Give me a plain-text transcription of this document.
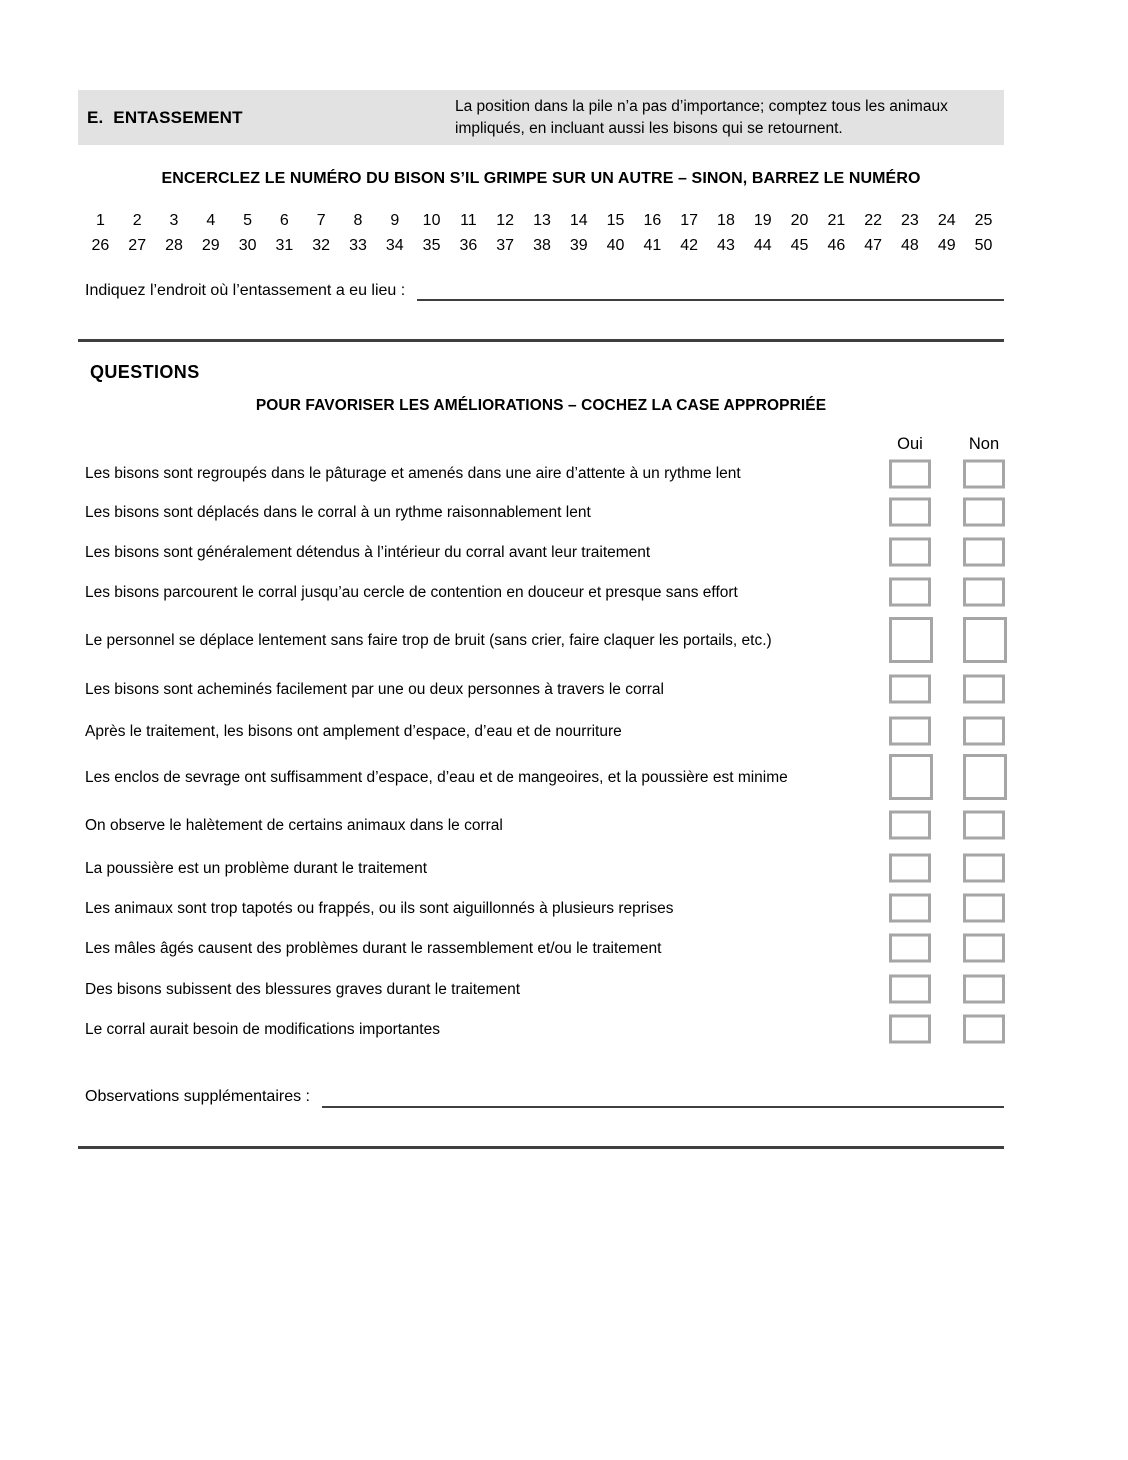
E.  ENTASSEMENT
La position dans la pile n’a pas d’importance; comptez tous les animaux impliqués, en incluant aussi les bisons qui se retournent.
ENCERCLEZ LE NUMÉRO DU BISON S’IL GRIMPE SUR UN AUTRE – SINON, BARREZ LE NUMÉRO
1	2	3	4	5	6	7	8	9	10	11	12	13	14	15	16	17	18	19	20	21	22	23	24	25
26	27	28	29	30	31	32	33	34	35	36	37	38	39	40	41	42	43	44	45	46	47	48	49	50
Indiquez l’endroit où l’entassement a eu lieu :
QUESTIONS
POUR FAVORISER LES AMÉLIORATIONS – COCHEZ LA CASE APPROPRIÉE
Oui	Non
Les bisons sont regroupés dans le pâturage et amenés dans une aire d’attente à un rythme lent
Les bisons sont déplacés dans le corral à un rythme raisonnablement lent
Les bisons sont généralement détendus à l’intérieur du corral avant leur traitement
Les bisons parcourent le corral jusqu’au cercle de contention en douceur et presque sans effort
Le personnel se déplace lentement sans faire trop de bruit (sans crier, faire claquer les portails, etc.)
Les bisons sont acheminés facilement par une ou deux personnes à travers le corral
Après le traitement, les bisons ont amplement d’espace, d’eau et de nourriture
Les enclos de sevrage ont suffisamment d’espace, d’eau et de mangeoires, et la poussière est minime
On observe le halètement de certains animaux dans le corral
La poussière est un problème durant le traitement
Les animaux sont trop tapotés ou frappés, ou ils sont aiguillonnés à plusieurs reprises
Les mâles âgés causent des problèmes durant le rassemblement et/ou le traitement
Des bisons subissent des blessures graves durant le traitement
Le corral aurait besoin de modifications importantes
Observations supplémentaires :
